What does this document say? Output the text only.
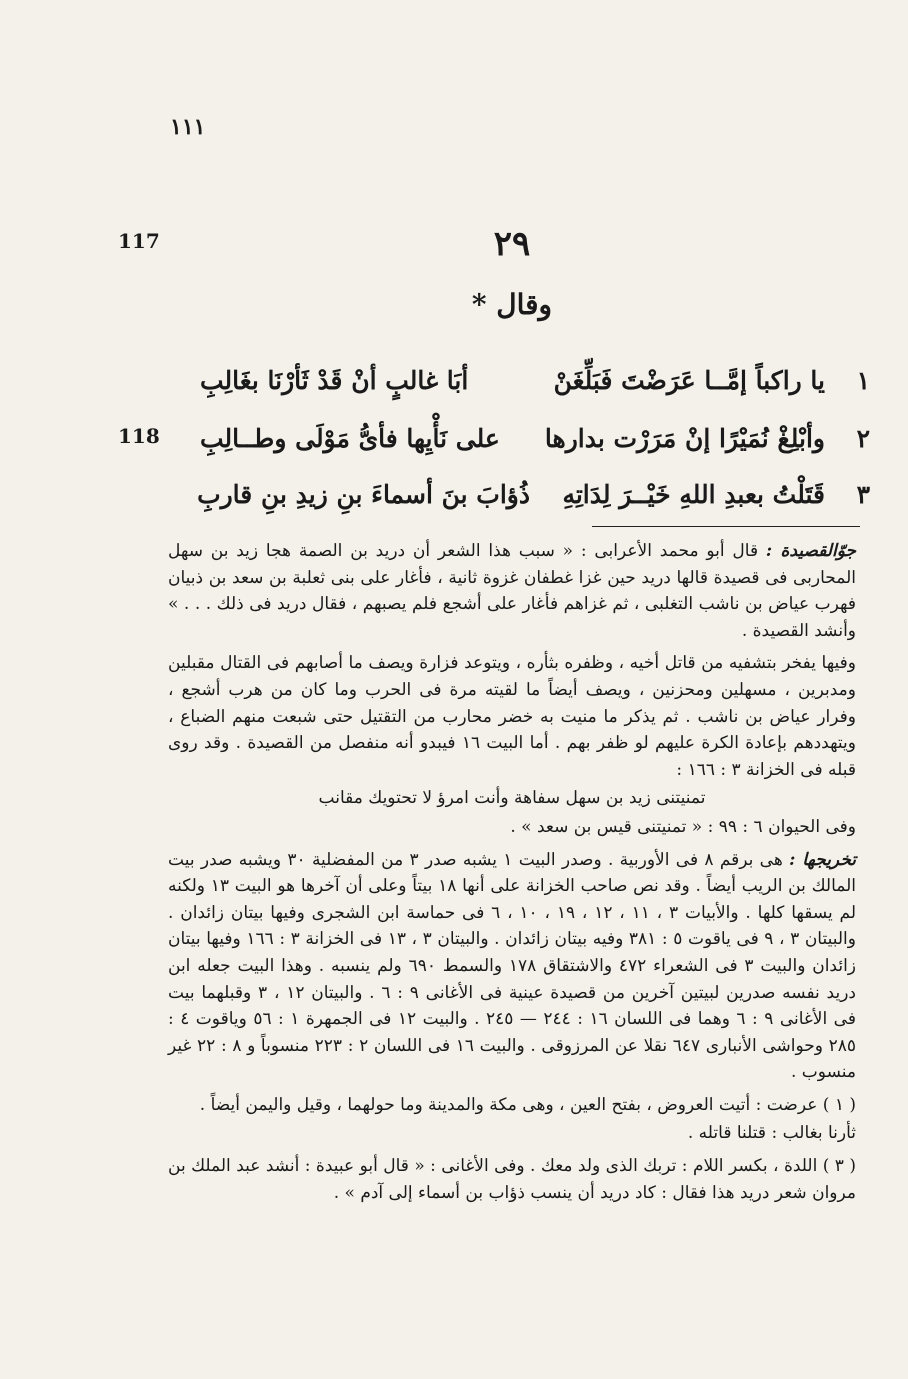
١١١
117
118
٢٩
وقال *
١
يا راكباً إمَّــا عَرَضْتَ فَبَلِّغَنْ
أبَا غالبٍ أنْ قَدْ ثَأرْنَا بغَالِبِ
٢
وأبْلِغْ نُمَيْرًا إنْ مَرَرْت بدارها
على نَأْيِها فأىُّ مَوْلَى وطــالِبِ
٣
قَتَلْتُ بعبدِ اللهِ خَيْــرَ لِدَاتِهِ
ذُؤابَ بنَ أسماءَ بنِ زيدِ بنِ قاربِ

جوّالقصيدة : قال أبو محمد الأعرابى : « سبب هذا الشعر أن دريد بن الصمة هجا زيد بن سهل المحاربى فى قصيدة قالها دريد حين غزا غطفان غزوة ثانية ، فأغار على بنى ثعلبة بن سعد بن ذبيان فهرب عياض بن ناشب التغلبى ، ثم غزاهم فأغار على أشجع فلم يصبهم ، فقال دريد فى ذلك . . . » وأنشد القصيدة .

وفيها يفخر بتشفيه من قاتل أخيه ، وظفره بثأره ، ويتوعد فزارة ويصف ما أصابهم فى القتال مقبلين ومدبرين ، مسهلين ومحزنين ، ويصف أيضاً ما لقيته مرة فى الحرب وما كان من هرب أشجع ، وفرار عياض بن ناشب . ثم يذكر ما منيت به خضر محارب من التقتيل حتى شبعت منهم الضباع ، ويتهددهم بإعادة الكرة عليهم لو ظفر بهم . أما البيت ١٦ فيبدو أنه منفصل من القصيدة . وقد روى قبله فى الخزانة ٣ : ١٦٦ :

تمنيتنى زيد بن سهل سفاهة وأنت امرؤ لا تحتويك مقانب

وفى الحيوان ٦ : ٩٩ : « تمنيتنى قيس بن سعد » .

تخريجها : هى برقم ٨ فى الأوربية . وصدر البيت ١ يشبه صدر ٣ من المفضلية ٣٠ ويشبه صدر بيت المالك بن الريب أيضاً . وقد نص صاحب الخزانة على أنها ١٨ بيتاً وعلى أن آخرها هو البيت ١٣ ولكنه لم يسقها كلها . والأبيات ٣ ، ١١ ، ١٢ ، ١٩ ، ١٠ ، ٦ فى حماسة ابن الشجرى وفيها بيتان زائدان . والبيتان ٣ ، ٩ فى ياقوت ٥ : ٣٨١ وفيه بيتان زائدان . والبيتان ٣ ، ١٣ فى الخزانة ٣ : ١٦٦ وفيها بيتان زائدان والبيت ٣ فى الشعراء ٤٧٢ والاشتقاق ١٧٨ والسمط ٦٩٠ ولم ينسبه . وهذا البيت جعله ابن دريد نفسه صدرين لبيتين آخرين من قصيدة عينية فى الأغانى ٩ : ٦ . والبيتان ١٢ ، ٣ وقبلهما بيت فى الأغانى ٩ : ٦ وهما فى اللسان ١٦ : ٢٤٤ — ٢٤٥ . والبيت ١٢ فى الجمهرة ١ : ٥٦ وياقوت ٤ : ٢٨٥ وحواشى الأنبارى ٦٤٧ نقلا عن المرزوقى . والبيت ١٦ فى اللسان ٢ : ٢٢٣ منسوباً و ٨ : ٢٢ غير منسوب .

( ١ ) عرضت : أتيت العروض ، بفتح العين ، وهى مكة والمدينة وما حولهما ، وقيل واليمن أيضاً .

ثأرنا بغالب : قتلنا قاتله .

( ٣ ) اللدة ، بكسر اللام : تربك الذى ولد معك . وفى الأغانى : « قال أبو عبيدة : أنشد عبد الملك بن مروان شعر دريد هذا فقال : كاد دريد أن ينسب ذؤاب بن أسماء إلى آدم » .
